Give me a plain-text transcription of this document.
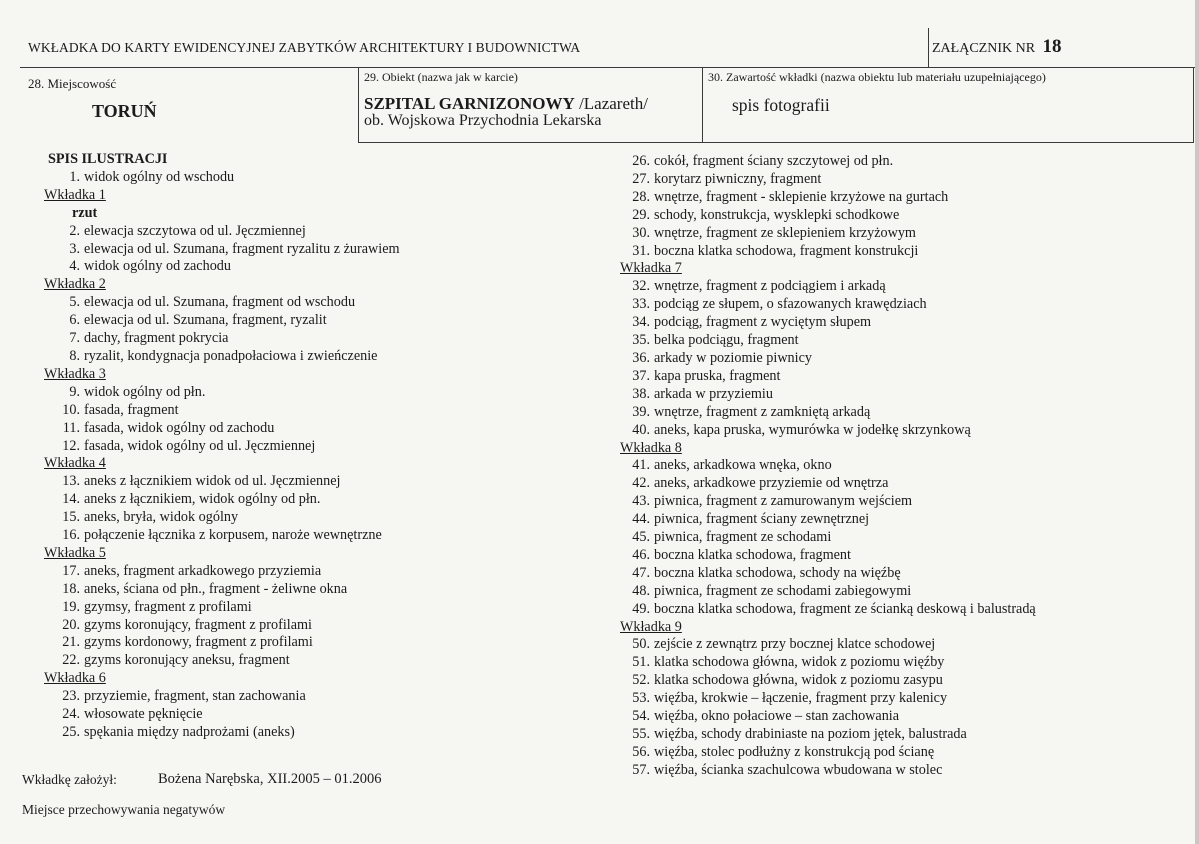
WKŁADKA DO KARTY EWIDENCYJNEJ ZABYTKÓW ARCHITEKTURY I BUDOWNICTWA	ZAŁĄCZNIK NR 18
28. Miejscowość
TORUŃ
29. Obiekt (nazwa jak w karcie)
SZPITAL GARNIZONOWY /Lazareth/
ob. Wojskowa Przychodnia Lekarska
30. Zawartość wkładki (nazwa obiektu lub materiału uzupełniającego)
spis fotografii
SPIS ILUSTRACJI
1. widok ogólny od wschodu
Wkładka 1
rzut
2. elewacja szczytowa od ul. Jęczmiennej
3. elewacja od ul. Szumana, fragment ryzalitu z żurawiem
4. widok ogólny od zachodu
Wkładka 2
5. elewacja od ul. Szumana, fragment od wschodu
6. elewacja od ul. Szumana, fragment, ryzalit
7. dachy, fragment pokrycia
8. ryzalit, kondygnacja ponadpołaciowa i zwieńczenie
Wkładka 3
9. widok ogólny od płn.
10. fasada, fragment
11. fasada, widok ogólny od zachodu
12. fasada, widok ogólny od ul. Jęczmiennej
Wkładka 4
13. aneks z łącznikiem widok od ul. Jęczmiennej
14. aneks z łącznikiem, widok ogólny od płn.
15. aneks, bryła, widok ogólny
16. połączenie łącznika z korpusem, naroże wewnętrzne
Wkładka 5
17. aneks, fragment arkadkowego przyziemia
18. aneks, ściana od płn., fragment - żeliwne okna
19. gzymsy, fragment z profilami
20. gzyms koronujący, fragment z profilami
21. gzyms kordonowy, fragment z profilami
22. gzyms koronujący aneksu, fragment
Wkładka 6
23. przyziemie, fragment, stan zachowania
24. włosowate pęknięcie
25. spękania między nadprożami (aneks)
26. cokół, fragment ściany szczytowej od płn.
27. korytarz piwniczny, fragment
28. wnętrze, fragment - sklepienie krzyżowe na gurtach
29. schody, konstrukcja, wysklepki schodkowe
30. wnętrze, fragment ze sklepieniem krzyżowym
31. boczna klatka schodowa, fragment konstrukcji
Wkładka 7
32. wnętrze, fragment z podciągiem i arkadą
33. podciąg ze słupem, o sfazowanych krawędziach
34. podciąg, fragment z wyciętym słupem
35. belka podciągu, fragment
36. arkady w poziomie piwnicy
37. kapa pruska, fragment
38. arkada w przyziemiu
39. wnętrze, fragment z zamkniętą arkadą
40. aneks, kapa pruska, wymurówka w jodełkę skrzynkową
Wkładka 8
41. aneks, arkadkowa wnęka, okno
42. aneks, arkadkowe przyziemie od wnętrza
43. piwnica, fragment z zamurowanym wejściem
44. piwnica, fragment ściany zewnętrznej
45. piwnica, fragment ze schodami
46. boczna klatka schodowa, fragment
47. boczna klatka schodowa, schody na więźbę
48. piwnica, fragment ze schodami zabiegowymi
49. boczna klatka schodowa, fragment ze ścianką deskową i balustradą
Wkładka 9
50. zejście z zewnątrz przy bocznej klatce schodowej
51. klatka schodowa główna, widok z poziomu więźby
52. klatka schodowa główna, widok z poziomu zasypu
53. więźba, krokwie – łączenie, fragment przy kalenicy
54. więźba, okno połaciowe – stan zachowania
55. więźba, schody drabiniaste na poziom jętek, balustrada
56. więźba, stolec podłużny z konstrukcją pod ścianę
57. więźba, ścianka szachulcowa wbudowana w stolec
Wkładkę założył:	Bożena Narębska, XII.2005 – 01.2006
Miejsce przechowywania negatywów
